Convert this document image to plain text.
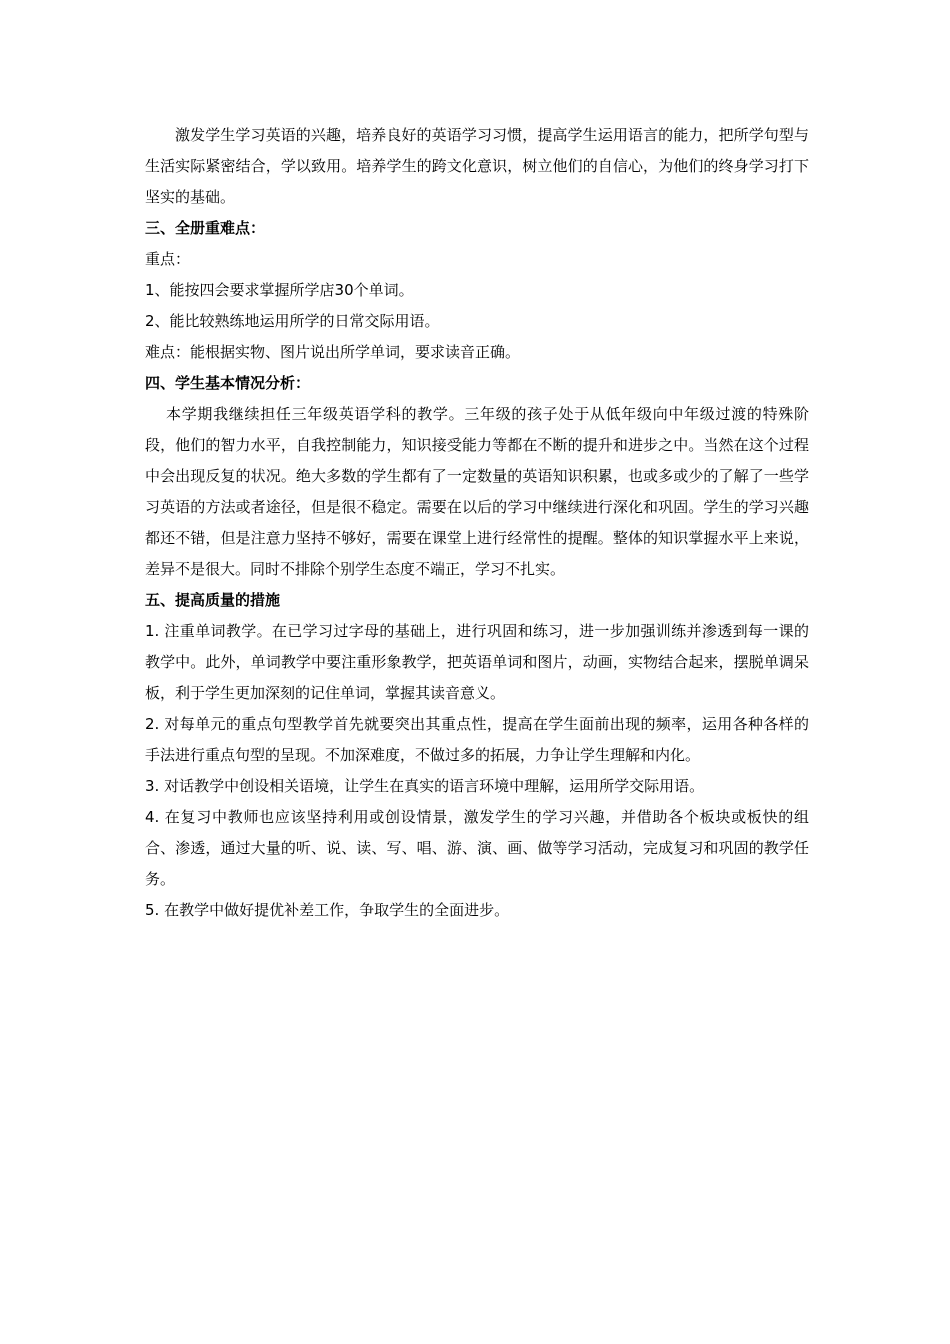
激发学生学习英语的兴趣，培养良好的英语学习习惯，提高学生运用语言的能力，把所学句型与生活实际紧密结合，学以致用。培养学生的跨文化意识，树立他们的自信心，为他们的终身学习打下坚实的基础。

三、全册重难点：

重点：

1、能按四会要求掌握所学店30个单词。

2、能比较熟练地运用所学的日常交际用语。

难点：能根据实物、图片说出所学单词，要求读音正确。

四、学生基本情况分析：

本学期我继续担任三年级英语学科的教学。三年级的孩子处于从低年级向中年级过渡的特殊阶段，他们的智力水平，自我控制能力，知识接受能力等都在不断的提升和进步之中。当然在这个过程中会出现反复的状况。绝大多数的学生都有了一定数量的英语知识积累，也或多或少的了解了一些学习英语的方法或者途径，但是很不稳定。需要在以后的学习中继续进行深化和巩固。学生的学习兴趣都还不错，但是注意力坚持不够好，需要在课堂上进行经常性的提醒。整体的知识掌握水平上来说，差异不是很大。同时不排除个别学生态度不端正，学习不扎实。

五、提高质量的措施

1. 注重单词教学。在已学习过字母的基础上，进行巩固和练习，进一步加强训练并渗透到每一课的教学中。此外，单词教学中要注重形象教学，把英语单词和图片，动画，实物结合起来，摆脱单调呆板，利于学生更加深刻的记住单词，掌握其读音意义。

2. 对每单元的重点句型教学首先就要突出其重点性，提高在学生面前出现的频率，运用各种各样的手法进行重点句型的呈现。不加深难度，不做过多的拓展，力争让学生理解和内化。

3. 对话教学中创设相关语境，让学生在真实的语言环境中理解，运用所学交际用语。

4. 在复习中教师也应该坚持利用或创设情景，激发学生的学习兴趣，并借助各个板块或板快的组合、渗透，通过大量的听、说、读、写、唱、游、演、画、做等学习活动，完成复习和巩固的教学任务。

5. 在教学中做好提优补差工作，争取学生的全面进步。
